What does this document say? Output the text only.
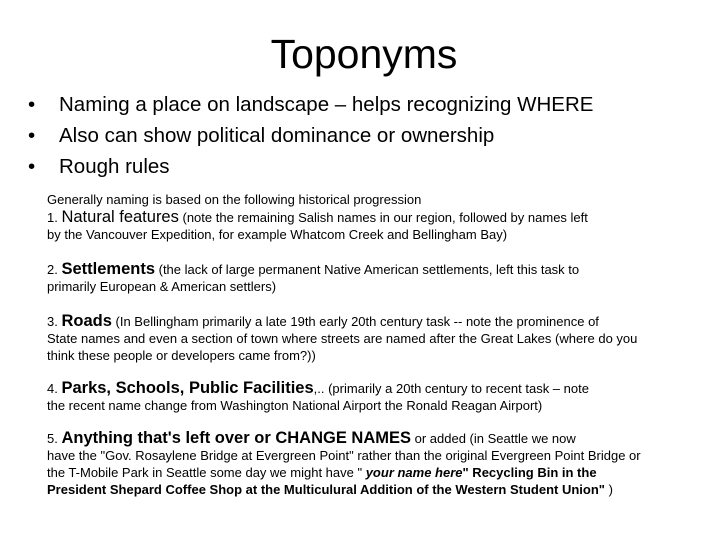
Toponyms
•	Naming a place on landscape – helps recognizing WHERE
•	Also can show political dominance or ownership
•	Rough rules
Generally naming is based on the following historical progression
1. Natural features (note the remaining Salish names in our region, followed by names left
by the Vancouver Expedition, for example Whatcom Creek and Bellingham Bay)
2. Settlements (the lack of large permanent Native American settlements, left this task to
primarily European & American settlers)
3. Roads (In Bellingham primarily a late 19th early 20th century task -- note the prominence of
State names and even a section of town where streets are named after the Great Lakes (where do you think these people or developers came from?))
4. Parks, Schools, Public Facilities,.. (primarily a 20th century to recent task – note
the recent name change from Washington National Airport the Ronald Reagan Airport)
5. Anything that's left over or CHANGE NAMES or added (in Seattle we now
have the "Gov. Rosaylene Bridge at Evergreen Point" rather than the original Evergreen Point Bridge or the T-Mobile Park in Seattle some day we might have " your name here" Recycling Bin in the President Shepard Coffee Shop at the Multiculural Addition of the Western Student Union" )
